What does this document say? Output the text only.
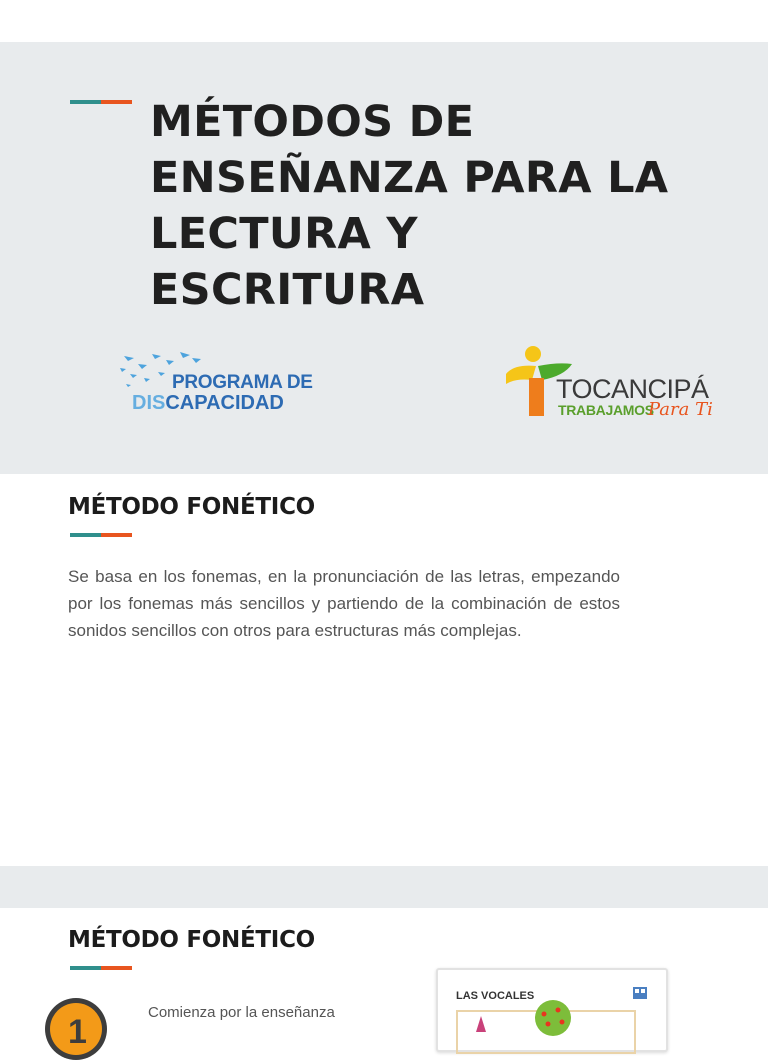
MÉTODOS DE
ENSEÑANZA PARA LA
LECTURA Y
ESCRITURA
PROGRAMA DE
DISCAPACIDAD	TOCANCIPÁ
TRABAJAMOS
Para Ti
MÉTODO FONÉTICO

Se basa en los fonemas, en la pronunciación de las letras, empezando por los fonemas más sencillos y partiendo de la combinación de estos sonidos sencillos con otros para estructuras más complejas.

MÉTODO FONÉTICO
1
Comienza por la enseñanza
LAS VOCALES
